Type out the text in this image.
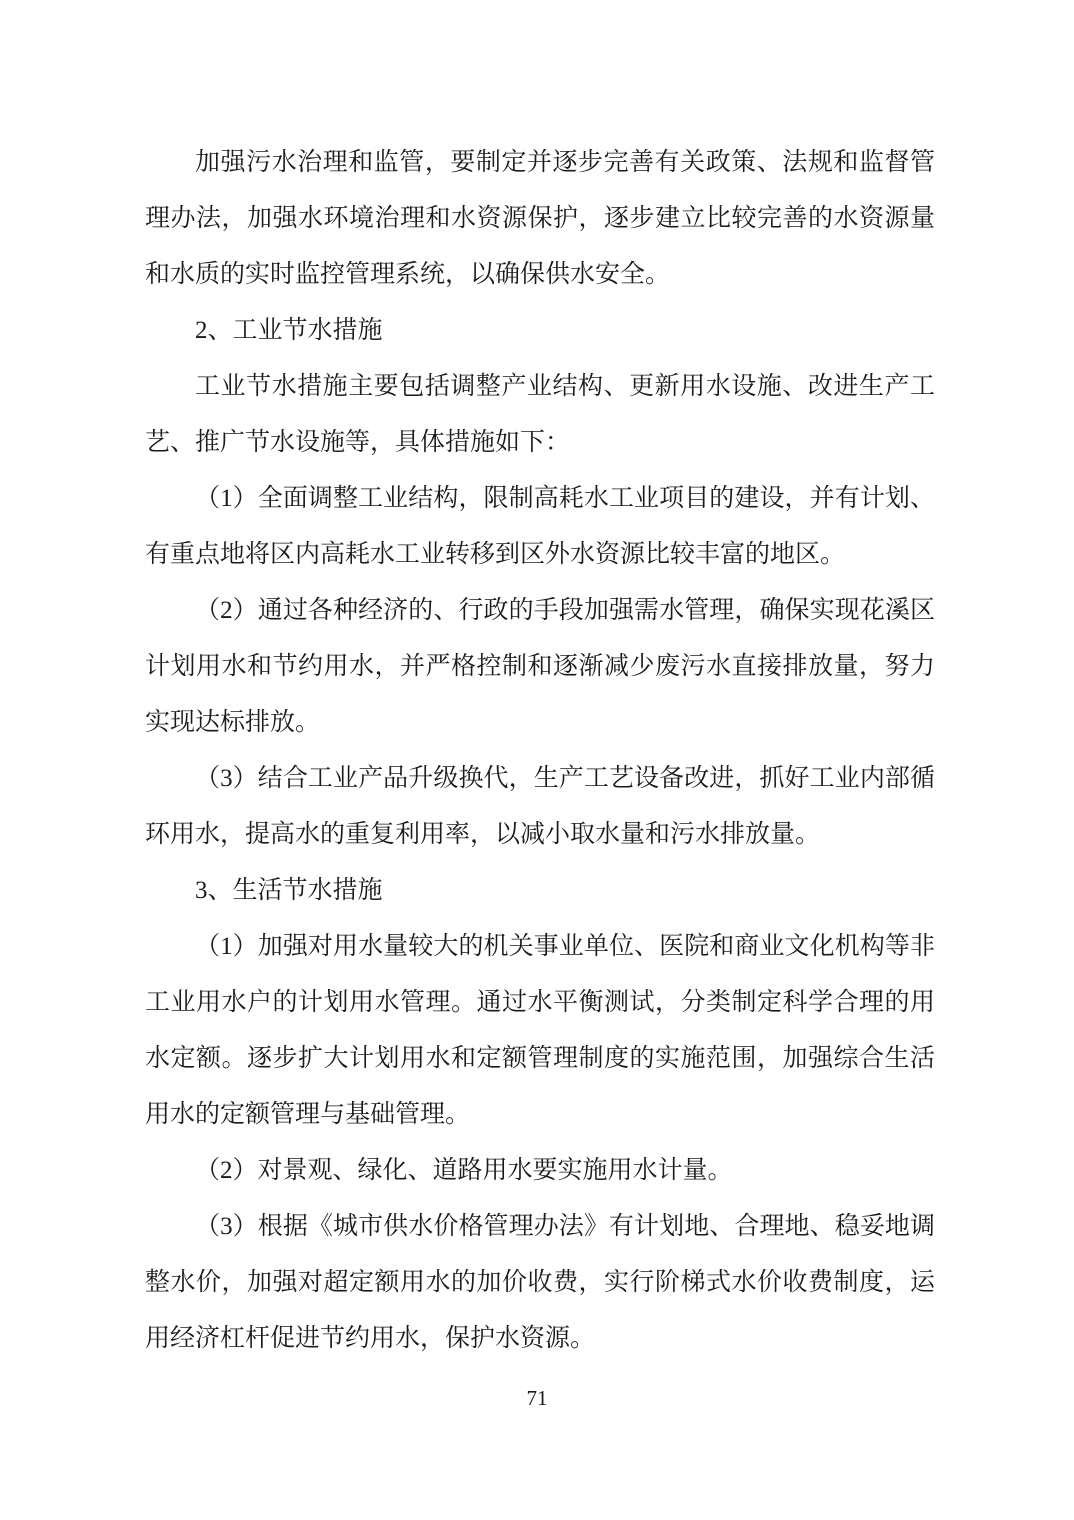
加强污水治理和监管，要制定并逐步完善有关政策、法规和监督管理办法，加强水环境治理和水资源保护，逐步建立比较完善的水资源量和水质的实时监控管理系统，以确保供水安全。

2、工业节水措施

工业节水措施主要包括调整产业结构、更新用水设施、改进生产工艺、推广节水设施等，具体措施如下：

（1）全面调整工业结构，限制高耗水工业项目的建设，并有计划、有重点地将区内高耗水工业转移到区外水资源比较丰富的地区。

（2）通过各种经济的、行政的手段加强需水管理，确保实现花溪区计划用水和节约用水，并严格控制和逐渐减少废污水直接排放量，努力实现达标排放。

（3）结合工业产品升级换代，生产工艺设备改进，抓好工业内部循环用水，提高水的重复利用率，以减小取水量和污水排放量。

3、生活节水措施

（1）加强对用水量较大的机关事业单位、医院和商业文化机构等非工业用水户的计划用水管理。通过水平衡测试，分类制定科学合理的用水定额。逐步扩大计划用水和定额管理制度的实施范围，加强综合生活用水的定额管理与基础管理。

（2）对景观、绿化、道路用水要实施用水计量。

（3）根据《城市供水价格管理办法》有计划地、合理地、稳妥地调整水价，加强对超定额用水的加价收费，实行阶梯式水价收费制度，运用经济杠杆促进节约用水，保护水资源。

71
